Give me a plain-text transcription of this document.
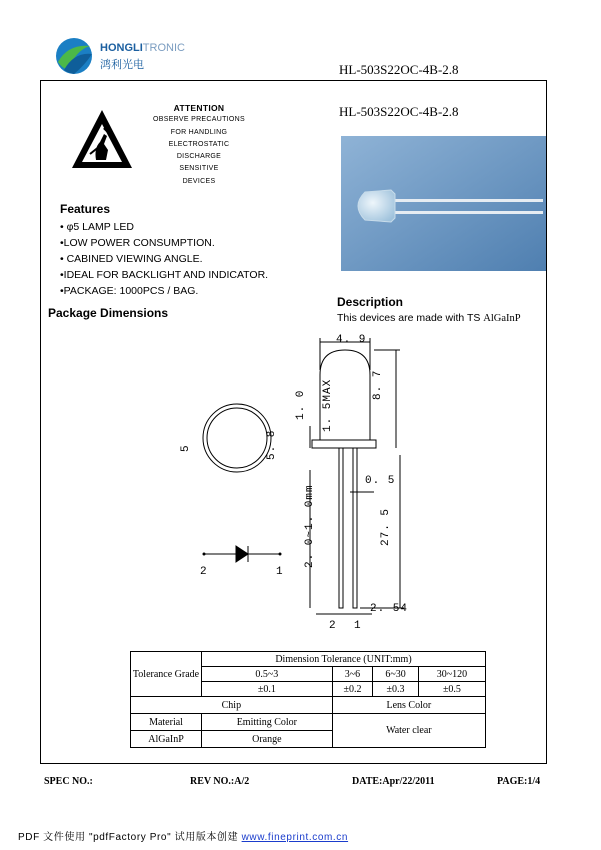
HONGLITRONIC
鸿利光电	HL-503S22OC-4B-2.8
ATTENTION
OBSERVE PRECAUTIONS
FOR HANDLING
ELECTROSTATIC
DISCHARGE
SENSITIVE
DEVICES
HL-503S22OC-4B-2.8
Features
• φ5 LAMP LED
•LOW POWER CONSUMPTION.
• CABINED VIEWING ANGLE.
•IDEAL FOR BACKLIGHT AND INDICATOR.
•PACKAGE: 1000PCS / BAG.
Package Dimensions
Description
This devices are made with TS AlGaInP
4. 9
8. 7
1. 0 1. 5MAX
0. 5
27. 5
2. 0~1. 0mm
2. 54
5	5. 8
2 1
2	1
Tolerance Grade	Dimension Tolerance (UNIT:mm)			
	0.5~3	3~6	6~30	30~120
	±0.1	±0.2	±0.3	±0.5
Chip		Lens Color		
Material	Emitting Color	Water clear		
AlGaInP	Orange			
SPEC NO.:	REV NO.:A/2	DATE:Apr/22/2011	PAGE:1/4
PDF 文件使用 "pdfFactory Pro" 试用版本创建 www.fineprint.com.cn
